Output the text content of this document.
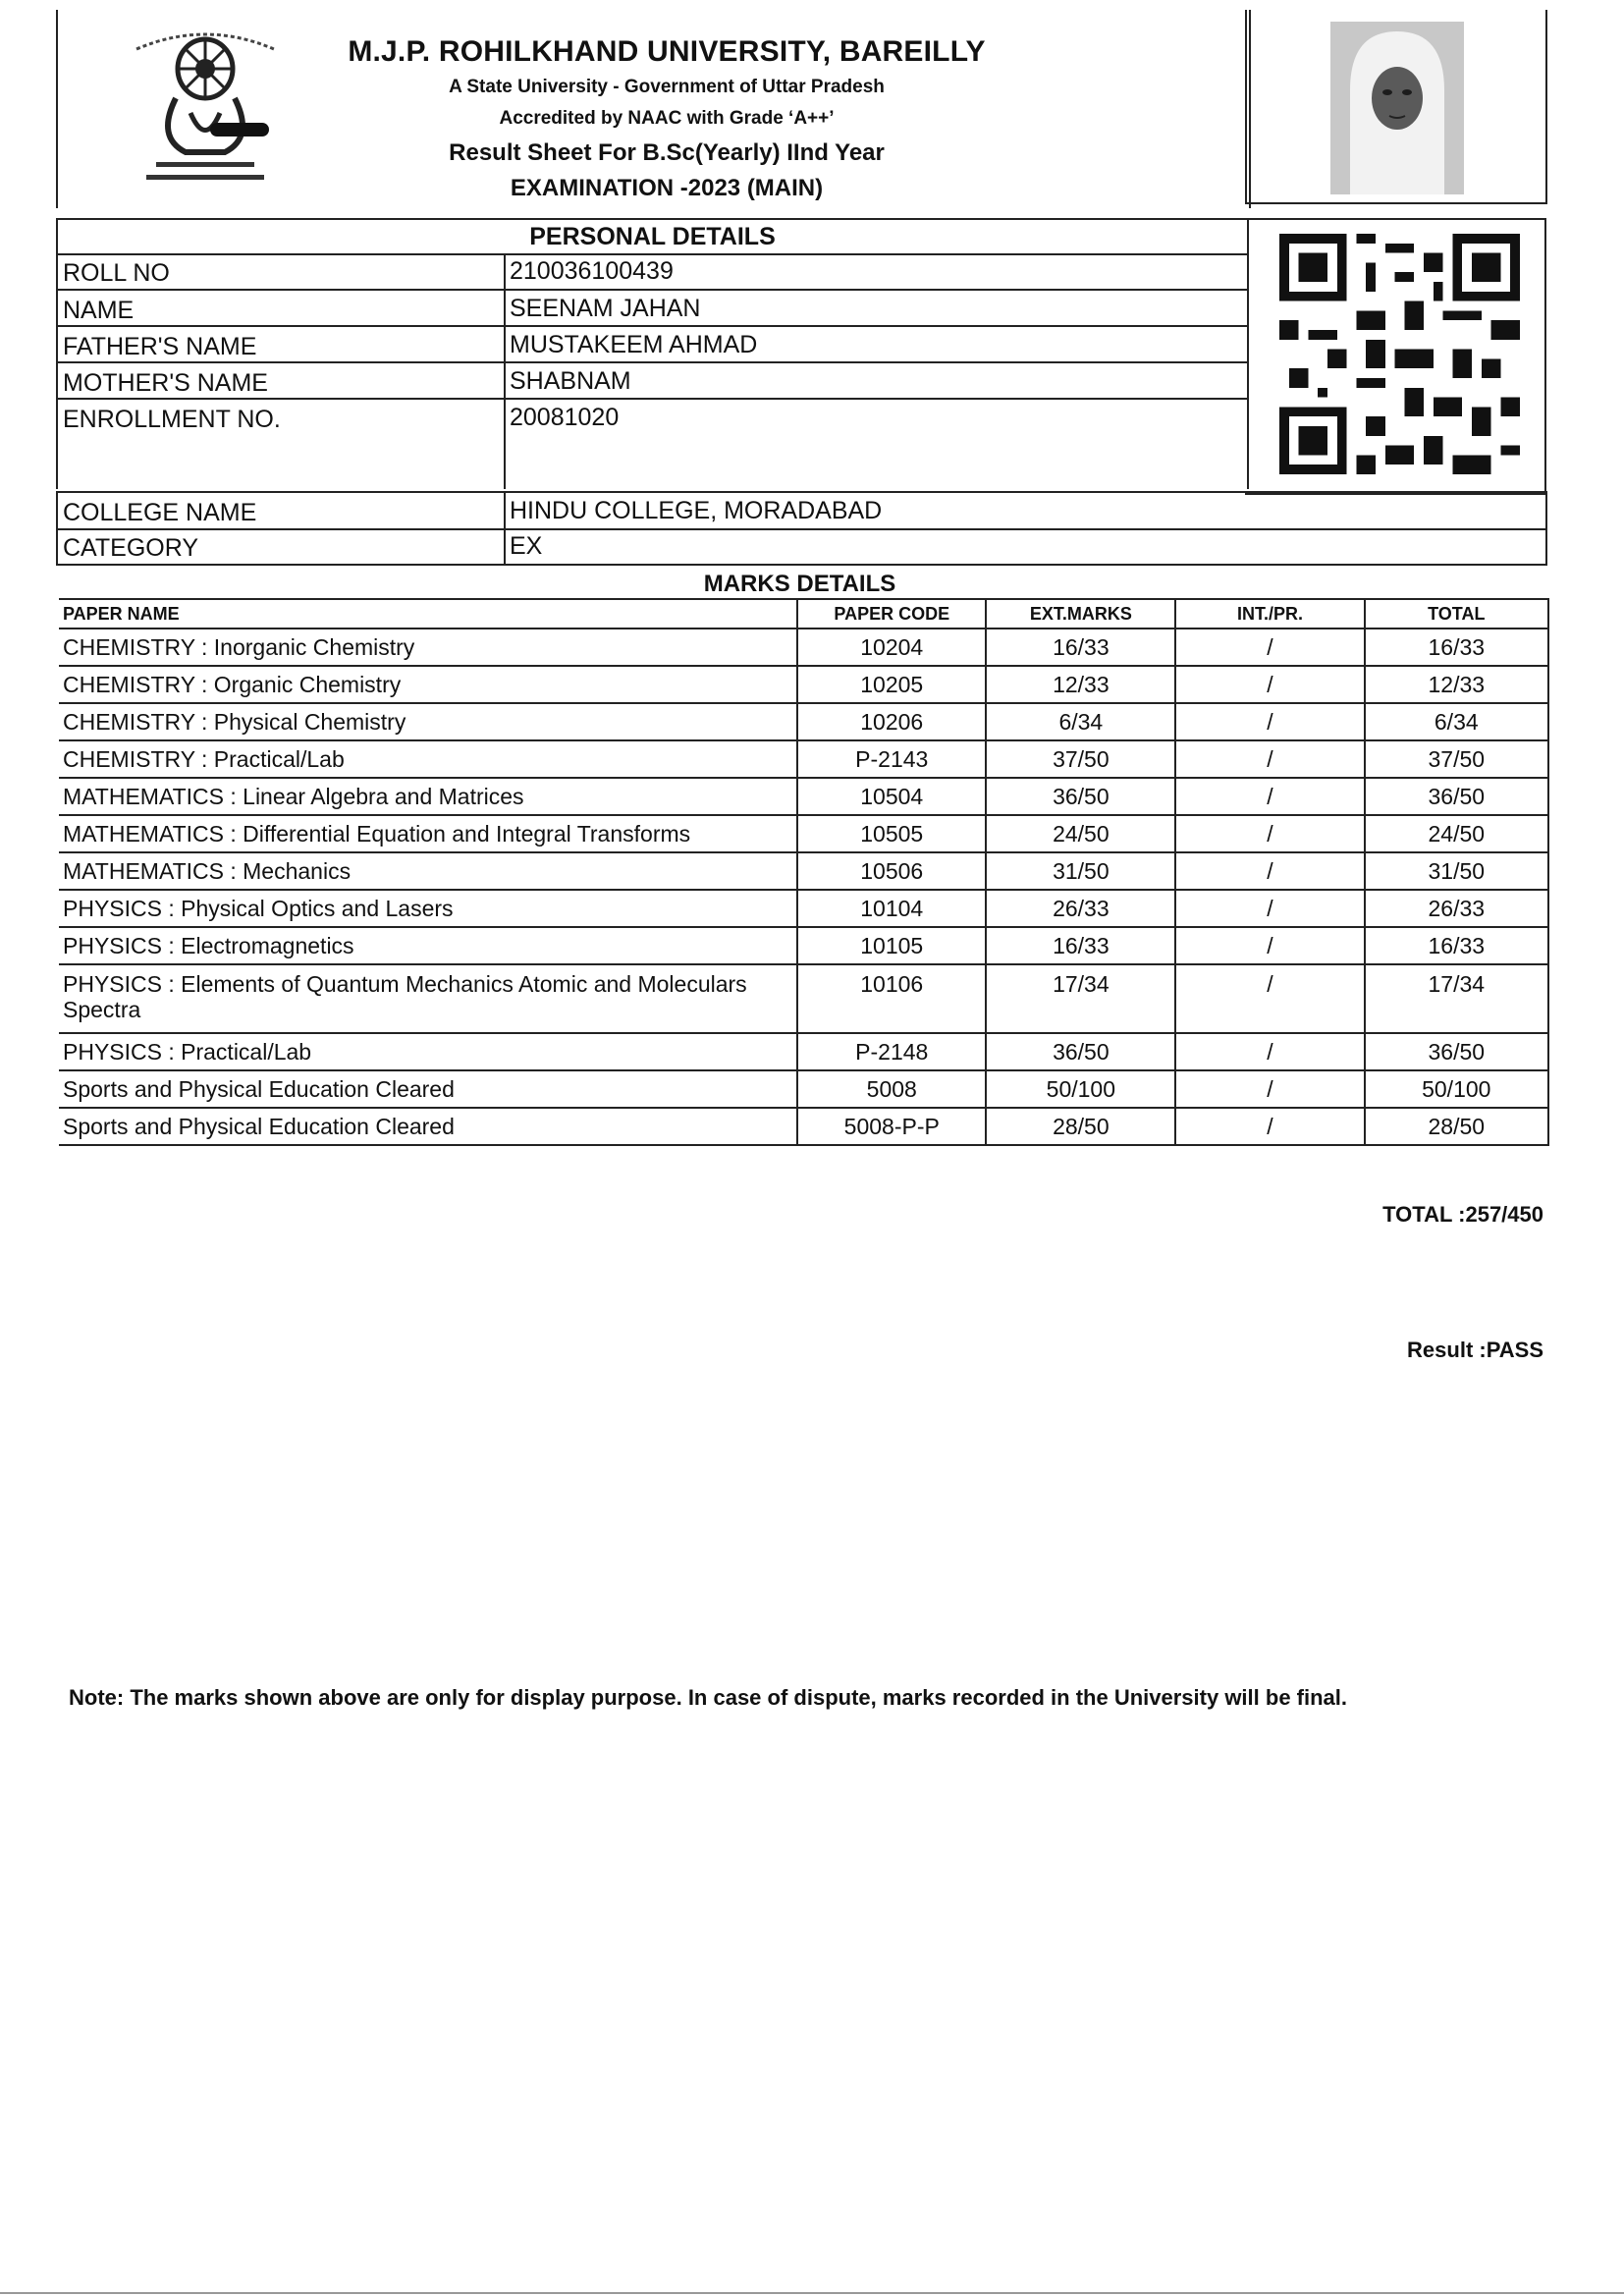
M.J.P. ROHILKHAND UNIVERSITY, BAREILLY
A State University - Government of Uttar Pradesh
Accredited by NAAC with Grade ‘A++’
Result Sheet For B.Sc(Yearly) IInd Year
EXAMINATION -2023 (MAIN)
PERSONAL DETAILS
ROLL NO	210036100439
NAME	SEENAM JAHAN
FATHER'S NAME	MUSTAKEEM AHMAD
MOTHER'S NAME	SHABNAM
ENROLLMENT NO.	20081020
COLLEGE NAME	HINDU COLLEGE, MORADABAD
CATEGORY	EX
MARKS DETAILS
PAPER NAME	PAPER CODE	EXT.MARKS	INT./PR.	TOTAL
CHEMISTRY : Inorganic Chemistry	10204	16/33	/	16/33
CHEMISTRY : Organic Chemistry	10205	12/33	/	12/33
CHEMISTRY : Physical Chemistry	10206	6/34	/	6/34
CHEMISTRY : Practical/Lab	P-2143	37/50	/	37/50
MATHEMATICS : Linear Algebra and Matrices	10504	36/50	/	36/50
MATHEMATICS : Differential Equation and Integral Transforms	10505	24/50	/	24/50
MATHEMATICS : Mechanics	10506	31/50	/	31/50
PHYSICS : Physical Optics and Lasers	10104	26/33	/	26/33
PHYSICS : Electromagnetics	10105	16/33	/	16/33
PHYSICS : Elements of Quantum Mechanics Atomic and Moleculars Spectra	10106	17/34	/	17/34
PHYSICS : Practical/Lab	P-2148	36/50	/	36/50
Sports and Physical Education Cleared	5008	50/100	/	50/100
Sports and Physical Education Cleared	5008-P-P	28/50	/	28/50
TOTAL :257/450
Result :PASS
Note: The marks shown above are only for display purpose. In case of dispute, marks recorded in the University will be final.
